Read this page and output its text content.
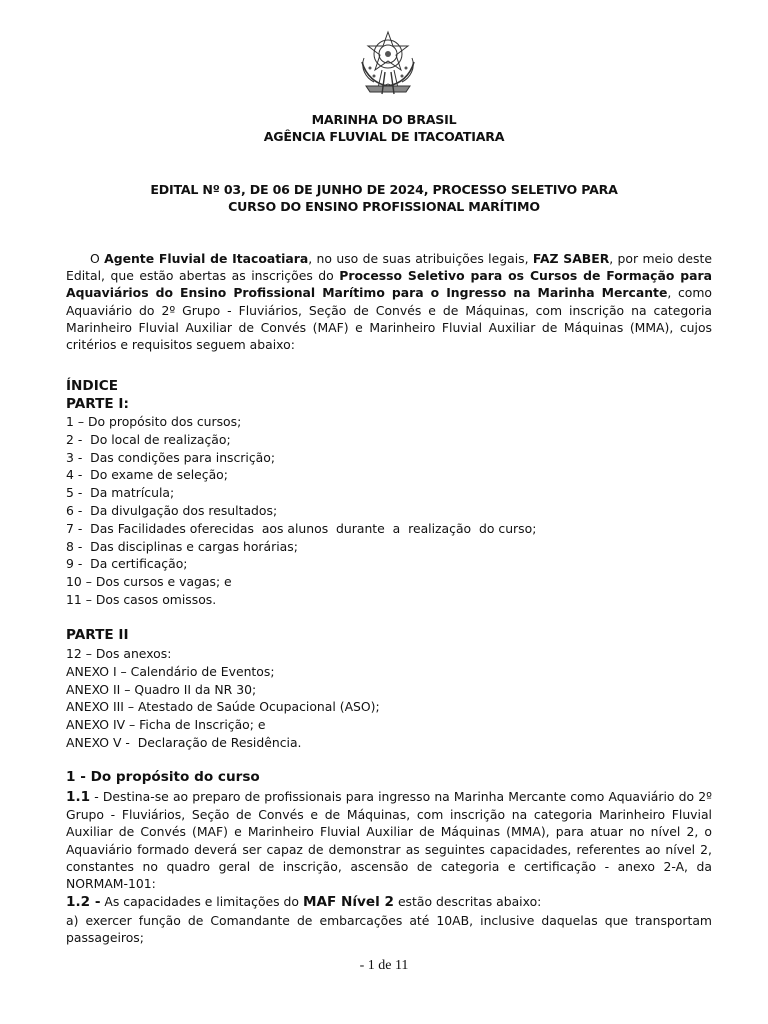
MARINHA DO BRASIL
AGÊNCIA FLUVIAL DE ITACOATIARA
EDITAL Nº 03, DE 06 DE JUNHO DE 2024, PROCESSO SELETIVO PARA
CURSO DO ENSINO PROFISSIONAL MARÍTIMO

O Agente Fluvial de Itacoatiara, no uso de suas atribuições legais, FAZ SABER, por meio deste Edital, que estão abertas as inscrições do Processo Seletivo para os Cursos de Formação para Aquaviários do Ensino Profissional Marítimo para o Ingresso na Marinha Mercante, como Aquaviário do 2º Grupo - Fluviários, Seção de Convés e de Máquinas, com inscrição na categoria Marinheiro Fluvial Auxiliar de Convés (MAF) e Marinheiro Fluvial Auxiliar de Máquinas (MMA), cujos critérios e requisitos seguem abaixo:

ÍNDICE
PARTE I:
1 – Do propósito dos cursos;
2 -  Do local de realização;
3 -  Das condições para inscrição;
4 -  Do exame de seleção;
5 -  Da matrícula;
6 -  Da divulgação dos resultados;
7 -  Das Facilidades oferecidas  aos alunos  durante  a  realização  do curso;
8 -  Das disciplinas e cargas horárias;
9 -  Da certificação;
10 – Dos cursos e vagas; e
11 – Dos casos omissos.
PARTE II
12 – Dos anexos:
ANEXO I – Calendário de Eventos;
ANEXO II – Quadro II da NR 30;
ANEXO III – Atestado de Saúde Ocupacional (ASO);
ANEXO IV – Ficha de Inscrição; e
ANEXO V -  Declaração de Residência.
1 - Do propósito do curso

1.1 - Destina-se ao preparo de profissionais para ingresso na Marinha Mercante como Aquaviário do 2º Grupo - Fluviários, Seção de Convés e de Máquinas, com inscrição na categoria Marinheiro Fluvial Auxiliar de Convés (MAF) e Marinheiro Fluvial Auxiliar de Máquinas (MMA), para atuar no nível 2, o Aquaviário formado deverá ser capaz de demonstrar as seguintes capacidades, referentes ao nível 2, constantes no quadro geral de inscrição, ascensão de categoria e certificação - anexo 2-A, da NORMAM-101:

1.2 - As capacidades e limitações do MAF Nível 2 estão descritas abaixo:

a) exercer função de Comandante de embarcações até 10AB, inclusive daquelas que transportam passageiros;

- 1 de 11
